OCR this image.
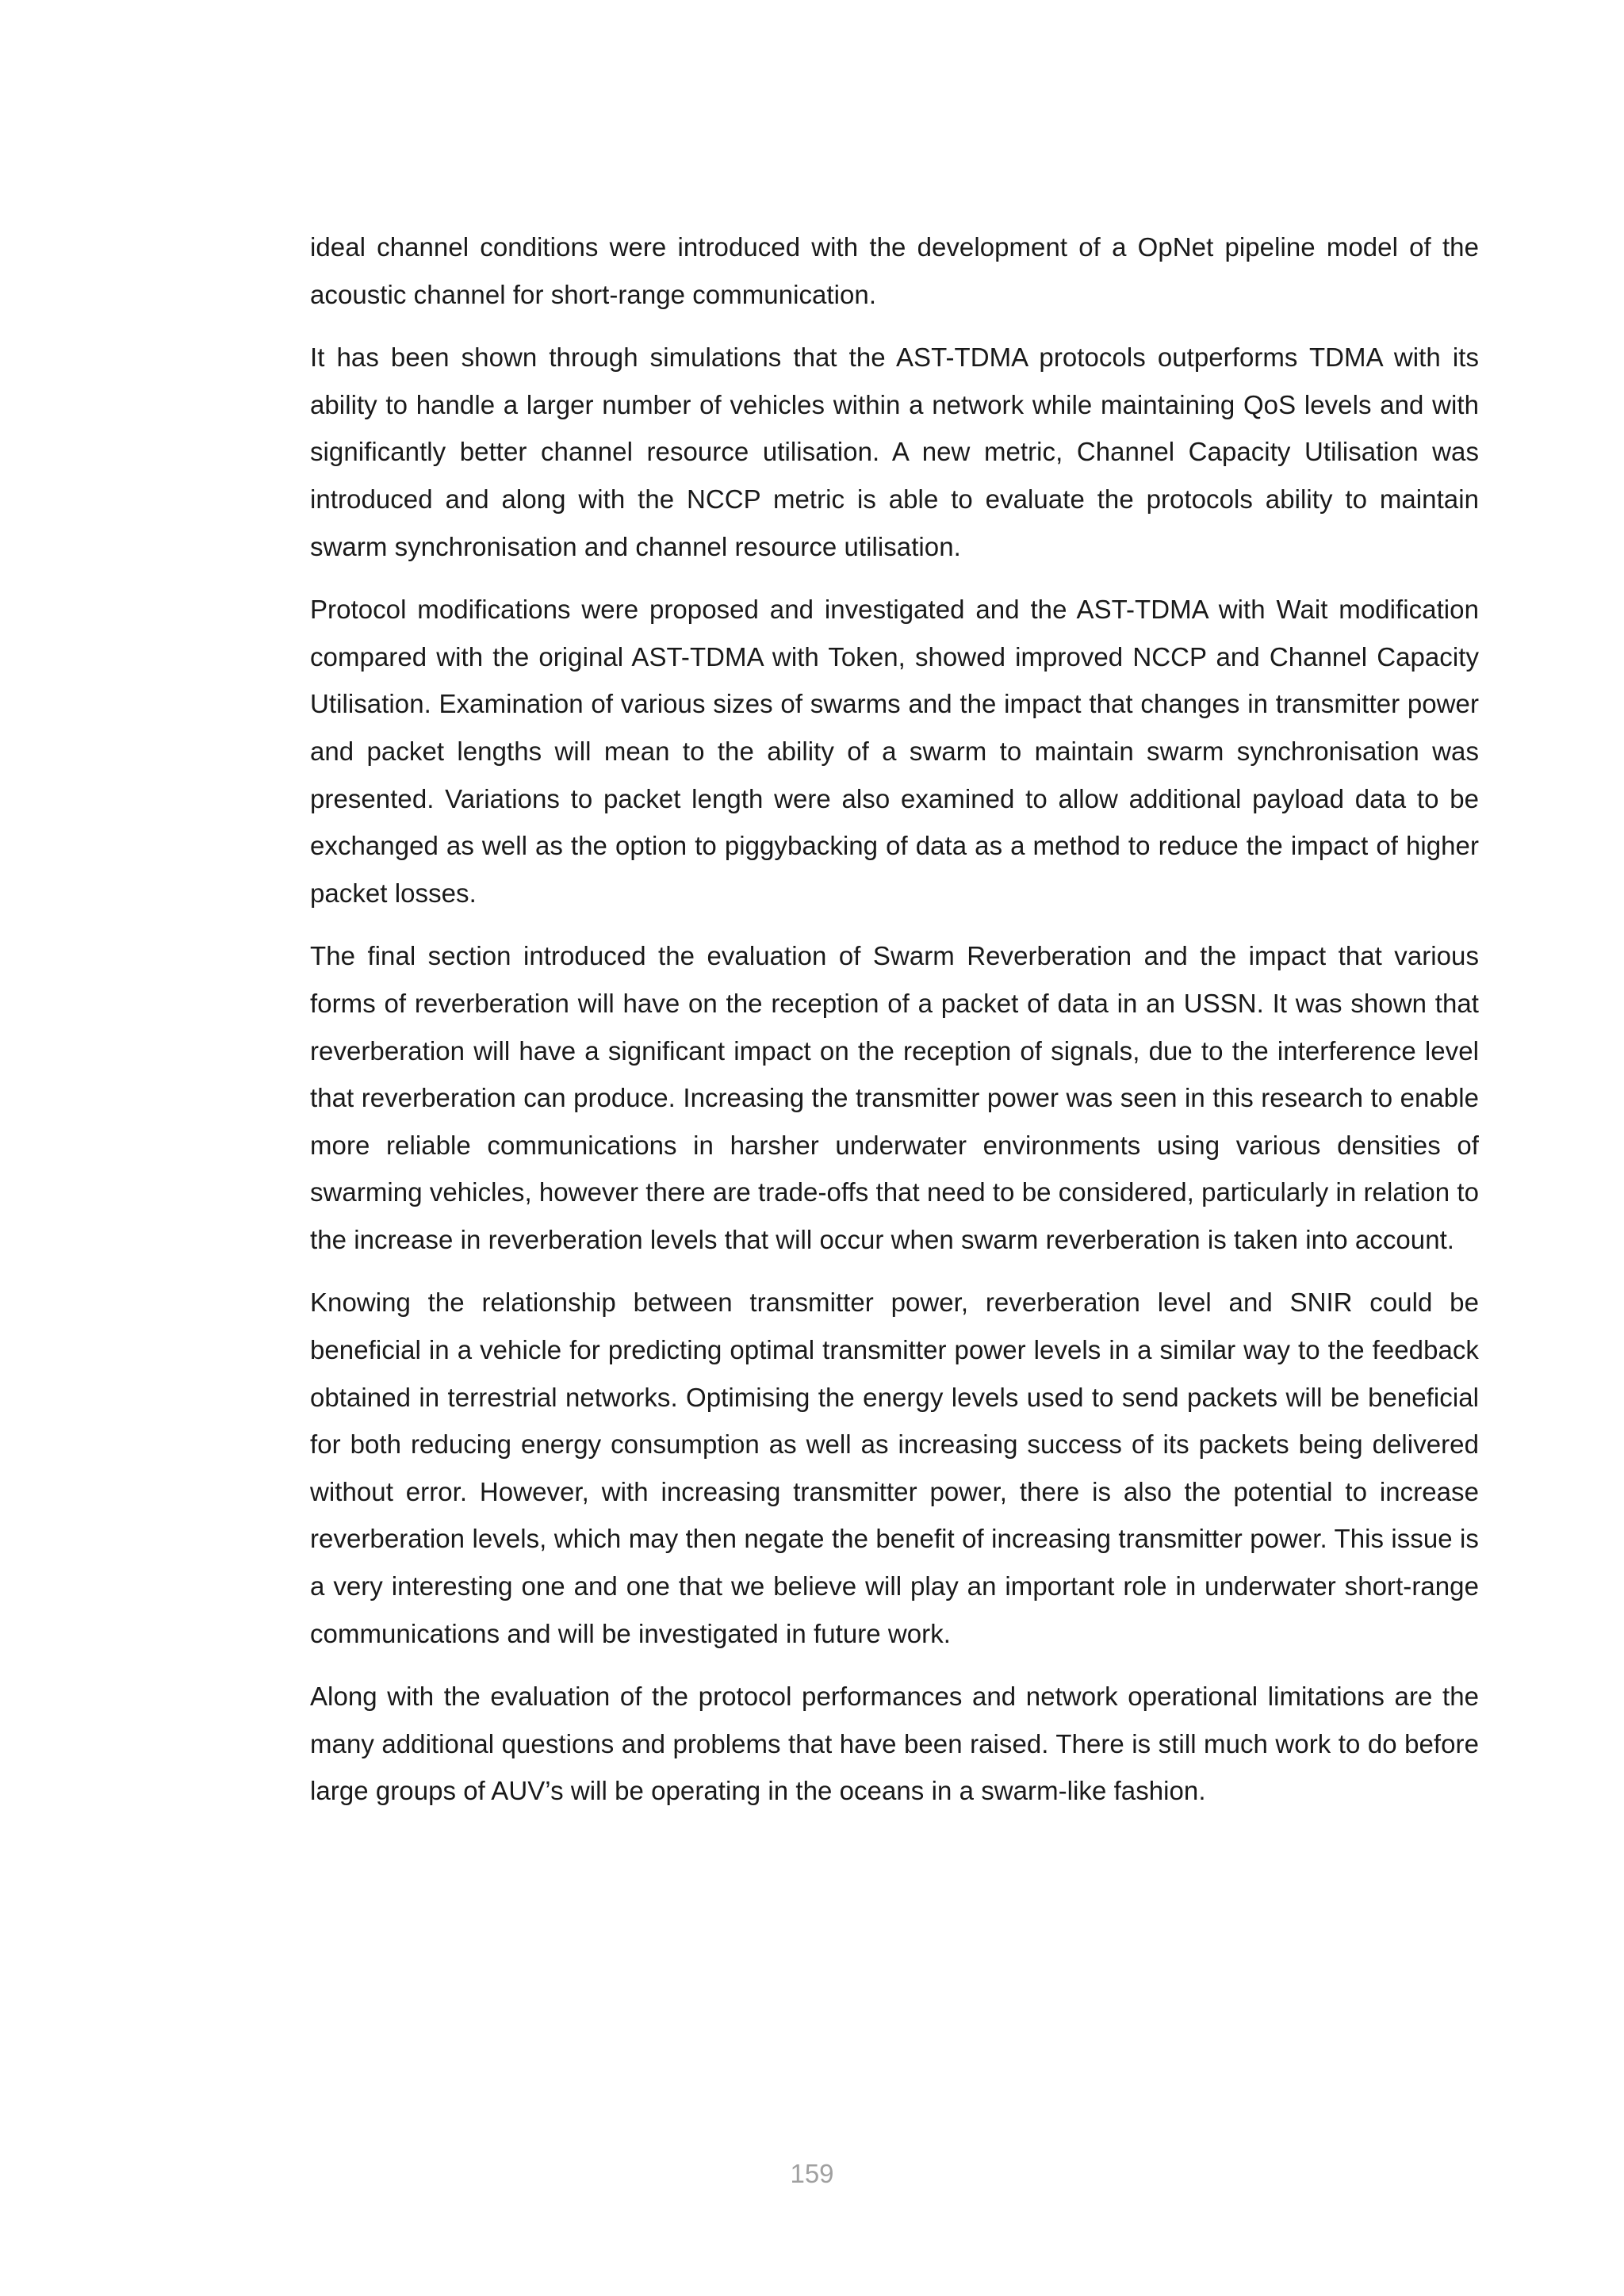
ideal channel conditions were introduced with the development of a OpNet pipeline model of the acoustic channel for short-range communication.

It has been shown through simulations that the AST-TDMA protocols outperforms TDMA with its ability to handle a larger number of vehicles within a network while maintaining QoS levels and with significantly better channel resource utilisation. A new metric, Channel Capacity Utilisation was introduced and along with the NCCP metric is able to evaluate the protocols ability to maintain swarm synchronisation and channel resource utilisation.

Protocol modifications were proposed and investigated and the AST-TDMA with Wait modification compared with the original AST-TDMA with Token, showed improved NCCP and Channel Capacity Utilisation. Examination of various sizes of swarms and the impact that changes in transmitter power and packet lengths will mean to the ability of a swarm to maintain swarm synchronisation was presented. Variations to packet length were also examined to allow additional payload data to be exchanged as well as the option to piggybacking of data as a method to reduce the impact of higher packet losses.

The final section introduced the evaluation of Swarm Reverberation and the impact that various forms of reverberation will have on the reception of a packet of data in an USSN. It was shown that reverberation will have a significant impact on the reception of signals, due to the interference level that reverberation can produce. Increasing the transmitter power was seen in this research to enable more reliable communications in harsher underwater environments using various densities of swarming vehicles, however there are trade-offs that need to be considered, particularly in relation to the increase in reverberation levels that will occur when swarm reverberation is taken into account.

Knowing the relationship between transmitter power, reverberation level and SNIR could be beneficial in a vehicle for predicting optimal transmitter power levels in a similar way to the feedback obtained in terrestrial networks. Optimising the energy levels used to send packets will be beneficial for both reducing energy consumption as well as increasing success of its packets being delivered without error. However, with increasing transmitter power, there is also the potential to increase reverberation levels, which may then negate the benefit of increasing transmitter power. This issue is a very interesting one and one that we believe will play an important role in underwater short-range communications and will be investigated in future work.

Along with the evaluation of the protocol performances and network operational limitations are the many additional questions and problems that have been raised. There is still much work to do before large groups of AUV’s will be operating in the oceans in a swarm-like fashion.

159
